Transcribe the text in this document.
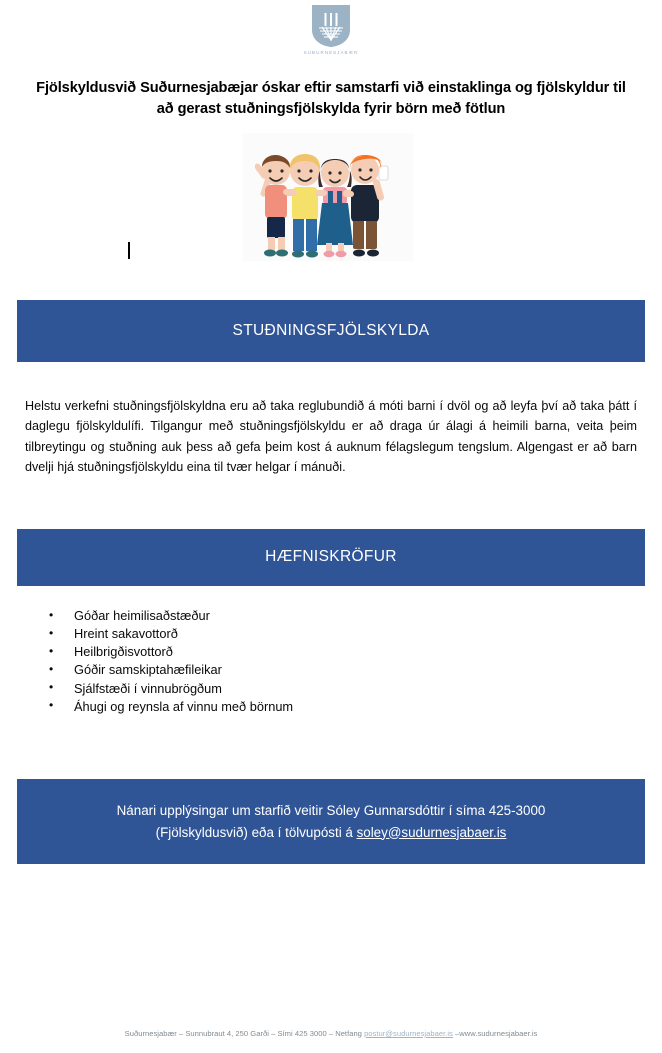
SUÐURNESJABÆR
Fjölskyldusvið Suðurnesjabæjar óskar eftir samstarfi við einstaklinga og fjölskyldur til að gerast stuðningsfjölskylda fyrir börn með fötlun
STUÐNINGSFJÖLSKYLDA
Helstu verkefni stuðningsfjölskyldna eru að taka reglubundið á móti barni í dvöl og að leyfa því að taka þátt í daglegu fjölskyldulífi. Tilgangur með stuðningsfjölskyldu er að draga úr álagi á heimili barna, veita þeim tilbreytingu og stuðning auk þess að gefa þeim kost á auknum félagslegum tengslum. Algengast er að barn dvelji hjá stuðningsfjölskyldu eina til tvær helgar í mánuði.
HÆFNISKRÖFUR
• Góðar heimilisaðstæður
• Hreint sakavottorð
• Heilbrigðisvottorð
• Góðir samskiptahæfileikar
• Sjálfstæði í vinnubrögðum
• Áhugi og reynsla af vinnu með börnum
Nánari upplýsingar um starfið veitir Sóley Gunnarsdóttir í síma 425-3000
(Fjölskyldusvið) eða í tölvupósti á soley@sudurnesjabaer.is
Suðurnesjabær – Sunnubraut 4, 250 Garði – Sími 425 3000 – Netfang postur@sudurnesjabaer.is –www.sudurnesjabaer.is
